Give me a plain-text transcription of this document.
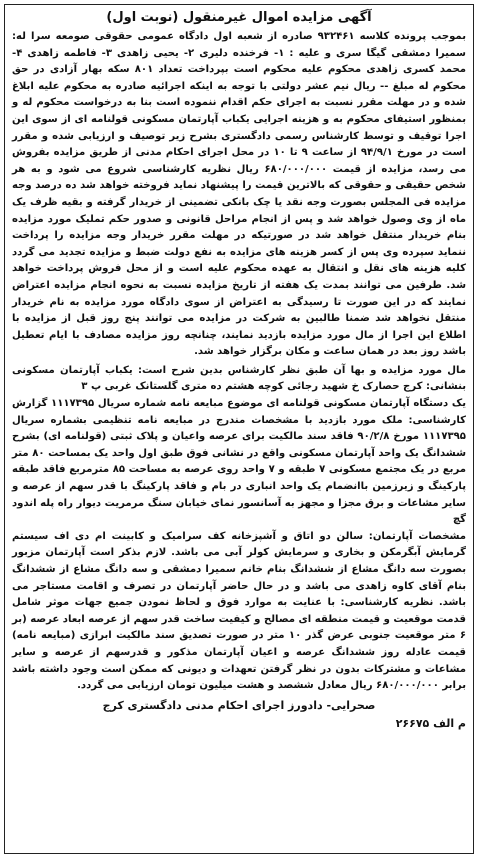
آگهی مزایده اموال غیرمنقول (نوبت اول)

بموجب پرونده کلاسه ۹۳۲۴۶۱ صادره از شعبه اول دادگاه عمومی حقوقی صومعه سرا له: سمیرا دمشقی گیگا سری و علیه : ۱- فرخنده دلیری ۲- یحیی زاهدی ۳- فاطمه زاهدی ۴- محمد کسری زاهدی محکوم علیه محکوم است بپرداخت تعداد ۸۰۱ سکه بهار آزادی در حق محکوم له مبلغ -- ریال نیم عشر دولتی با توجه به اینکه اجرائیه صادره به محکوم علیه ابلاغ شده و در مهلت مقرر نسبت به اجرای حکم اقدام ننموده است بنا به درخواست محکوم له و بمنظور استیفای محکوم به و هزینه اجرایی یکباب آپارتمان مسکونی قولنامه ای از سوی این اجرا توقیف و توسط کارشناس رسمی دادگستری بشرح زیر توصیف و ارزیابی شده و مقرر است در مورخ ۹۴/۹/۱ از ساعت ۹ تا ۱۰ در محل اجرای احکام مدنی از طریق مزایده بفروش می رسد، مزایده از قیمت ۶۸۰/۰۰۰/۰۰۰ ریال نظریه کارشناسی شروع می شود و به هر شخص حقیقی و حقوقی که بالاترین قیمت را پیشنهاد نماید فروخته خواهد شد ده درصد وجه مزایده فی المجلس بصورت وجه نقد یا چک بانکی تضمینی از خریدار گرفته و بقیه ظرف یک ماه از وی وصول خواهد شد و پس از انجام مراحل قانونی و صدور حکم تملیک مورد مزایده بنام خریدار منتقل خواهد شد در صورتیکه در مهلت مقرر خریدار وجه مزایده را پرداخت ننماید سپرده وی پس از کسر هزینه های مزایده به نفع دولت ضبط و مزایده تجدید می گردد کلیه هزینه های نقل و انتقال به عهده محکوم علیه است و از محل فروش پرداخت خواهد شد. طرفین می توانند بمدت یک هفته از تاریخ مزایده نسبت به نحوه انجام مزایده اعتراض نمایند که در این صورت تا رسیدگی به اعتراض از سوی دادگاه مورد مزایده به نام خریدار منتقل نخواهد شد ضمنا طالبین به شرکت در مزایده می توانند پنج روز قبل از مزایده با اطلاع این اجرا از مال مورد مزایده بازدید نمایند، چنانچه روز مزایده مصادف با ایام تعطیل باشد روز بعد در همان ساعت و مکان برگزار خواهد شد.

مال مورد مزایده و بها آن طبق نظر کارشناس بدین شرح است: یکباب آپارتمان مسکونی بنشانی: کرج حصارک خ شهید رجائی کوچه هشتم ده متری گلستانک غربی پ ۳

یک دستگاه آپارتمان مسکونی قولنامه ای موضوع مبایعه نامه شماره سریال ۱۱۱۷۳۹۵ گزارش کارشناسی: ملک مورد بازدید با مشخصات مندرج در مبایعه نامه تنظیمی بشماره سریال ۱۱۱۷۳۹۵ مورخ ۹۰/۲/۸ فاقد سند مالکیت برای عرصه واعیان و پلاک ثبتی (قولنامه ای) بشرح ششدانگ یک واحد آپارتمان مسکونی واقع در نشانی فوق طبق اول واحد یک بمساحت ۸۰ متر مربع در یک مجتمع مسکونی ۷ طبقه و ۷ واحد روی عرصه به مساحت ۸۵ مترمربع فاقد طبقه پارکینگ و زیرزمین باانضمام یک واحد انباری در بام و فاقد پارکینگ با قدر سهم از عرصه و سایر مشاعات و برق مجزا و مجهز به آسانسور نمای خیابان سنگ مرمریت دیوار راه پله اندود گچ

مشخصات آپارتمان: سالن دو اتاق و آشپزخانه کف سرامیک و کابینت ام دی اف سیستم گرمایش آبگرمکن و بخاری و سرمایش کولر آبی می باشد. لازم بذکر است آپارتمان مزبور بصورت سه دانگ مشاع از ششدانگ بنام خانم سمیرا دمشقی و سه دانگ مشاع از ششدانگ بنام آقای کاوه زاهدی می باشد و در حال حاضر آپارتمان در تصرف و اقامت مستاجر می باشد. نظریه کارشناسی: با عنایت به موارد فوق و لحاظ نمودن جمیع جهات موثر شامل قدمت موقعیت و قیمت منطقه ای مصالح و کیفیت ساخت قدر سهم از عرصه ابعاد عرصه (بر ۶ متر موقعیت جنوبی عرض گذر ۱۰ متر در صورت تصدیق سند مالکیت ابرازی (مبایعه نامه) قیمت عادله روز ششدانگ عرصه و اعیان آپارتمان مذکور و قدرسهم از عرصه و سایر مشاعات و مشترکات بدون در نظر گرفتن تعهدات و دیونی که ممکن است وجود داشته باشد برابر ۶۸۰/۰۰۰/۰۰۰ ریال معادل ششصد و هشت میلیون تومان ارزیابی می گردد.

صحرایی- دادورز اجرای احکام مدنی دادگستری کرج
م الف ۲۶۶۷۵
